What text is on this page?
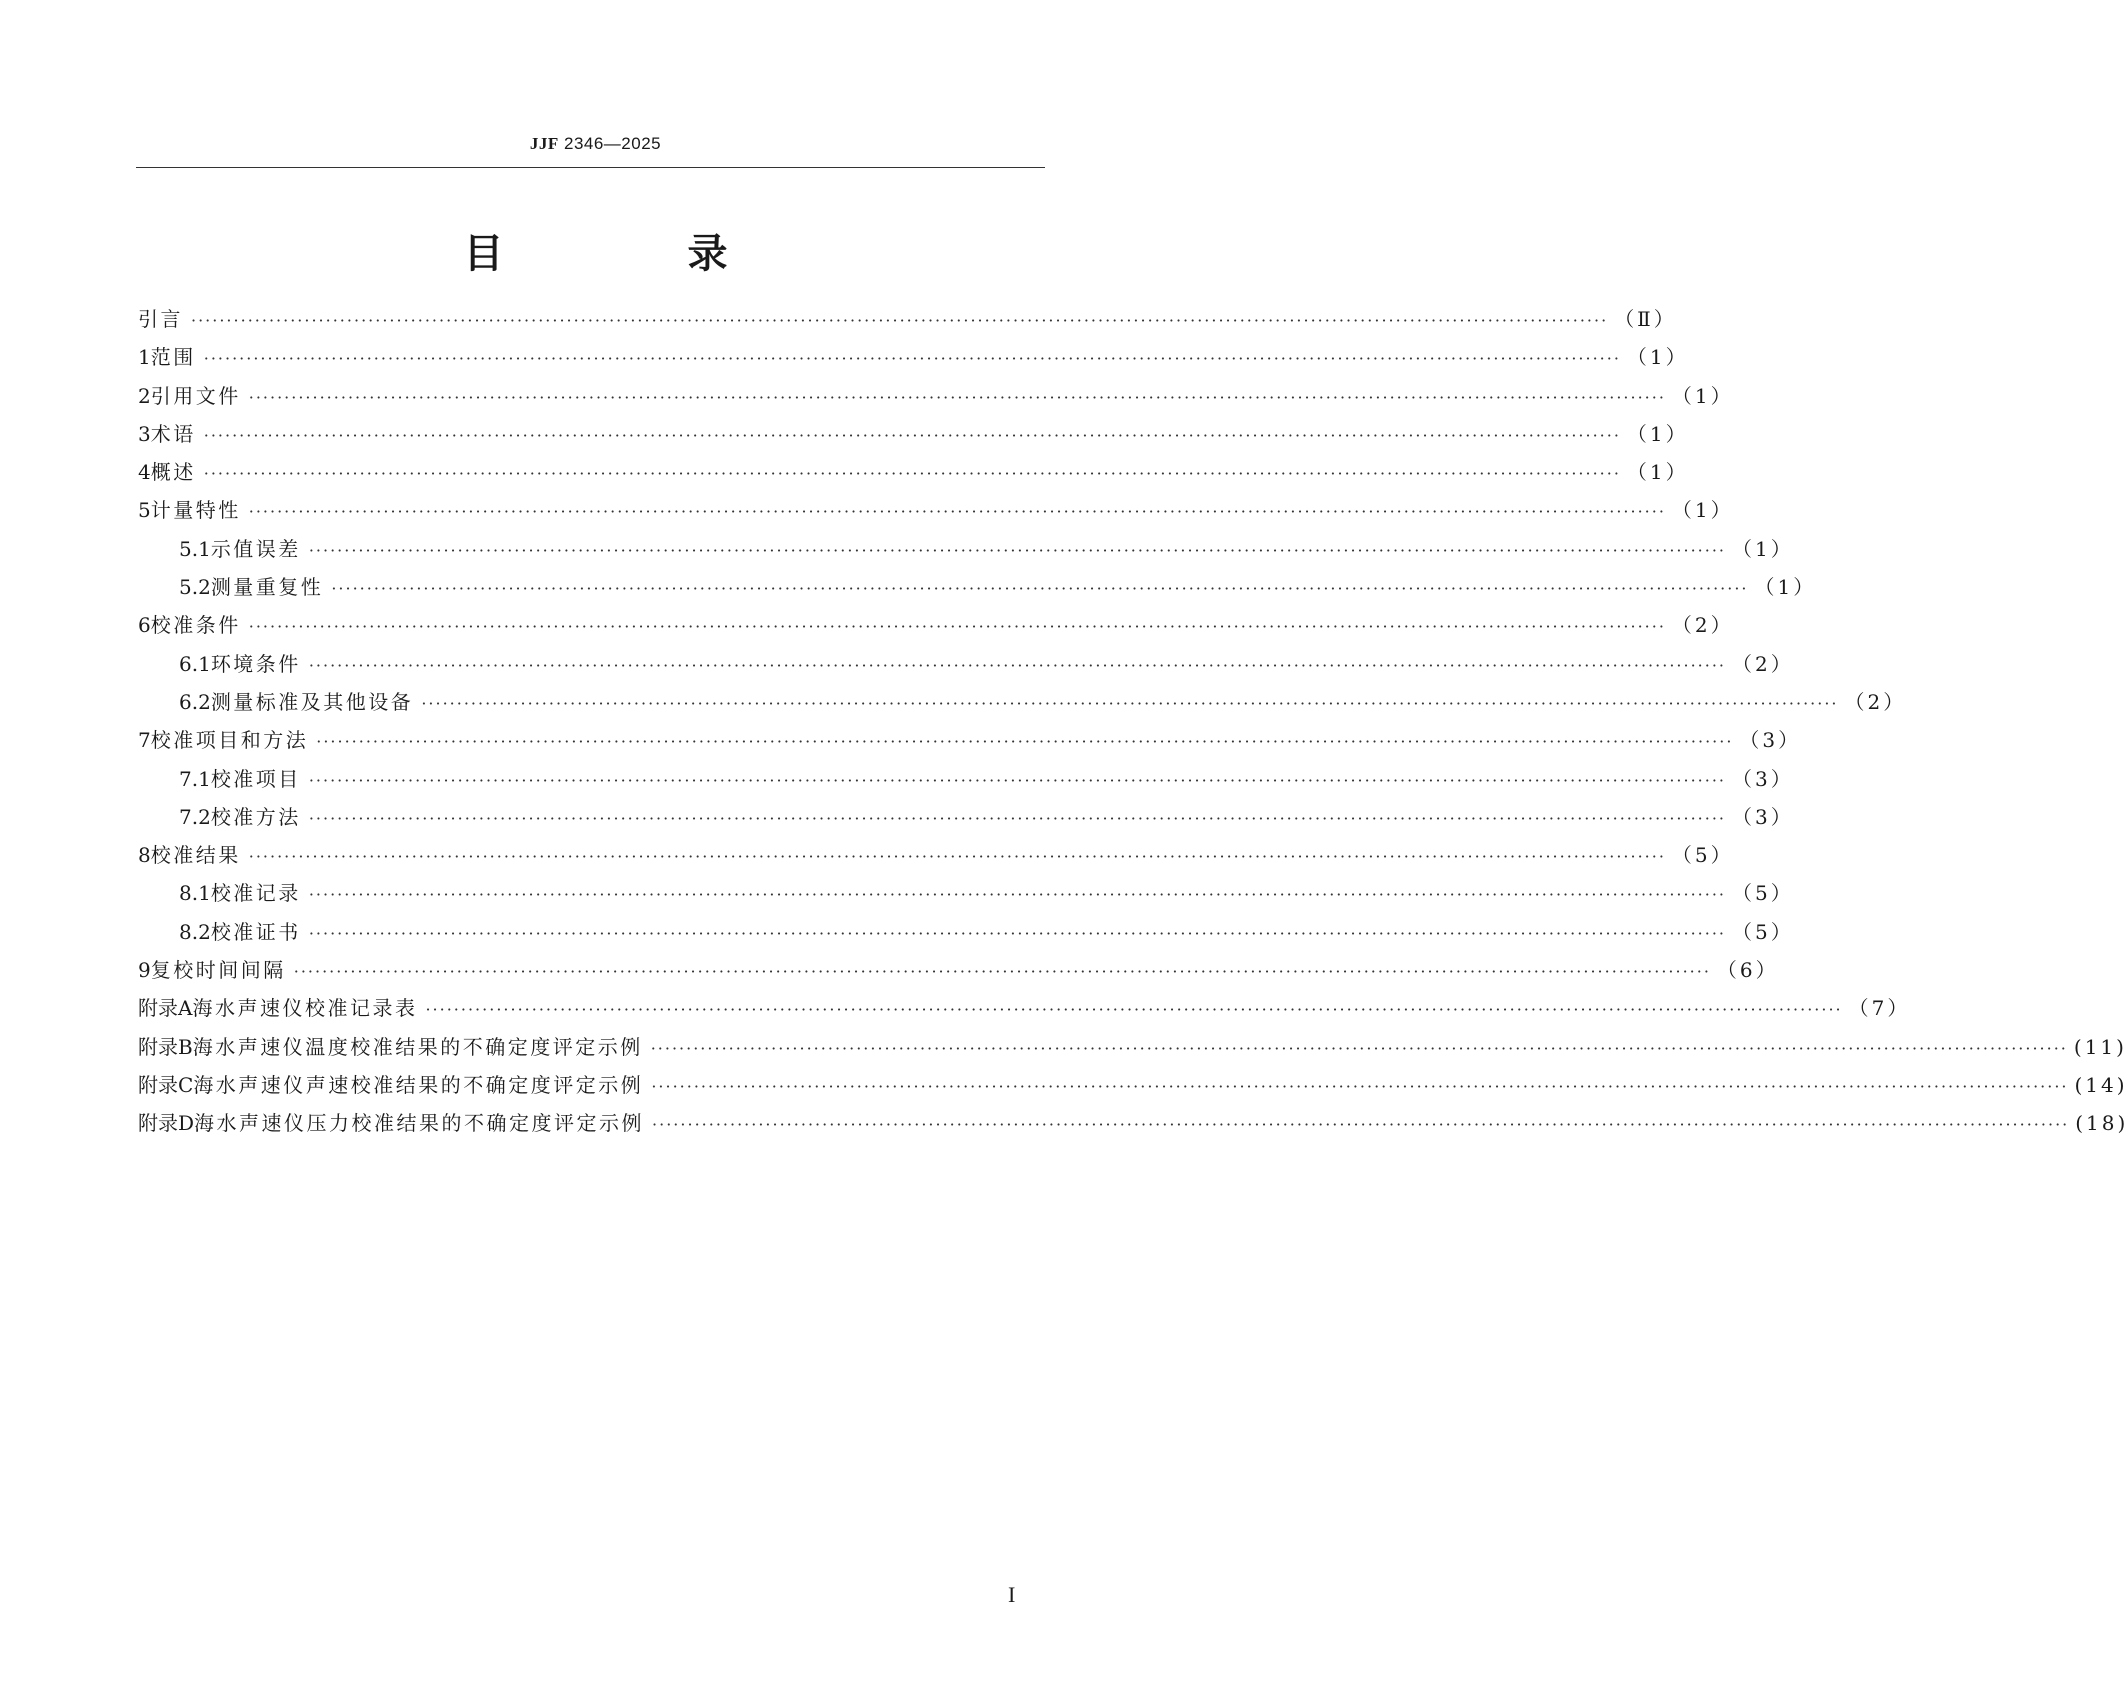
JJF 2346—2025
目　录
引言 ········································································································································································································ （Ⅱ）
1 范围 ········································································································································································································ （1）
2 引用文件 ········································································································································································································ （1）
3 术语 ········································································································································································································ （1）
4 概述 ········································································································································································································ （1）
5 计量特性 ········································································································································································································ （1）
5.1 示值误差 ········································································································································································································ （1）
5.2 测量重复性 ········································································································································································································ （1）
6 校准条件 ········································································································································································································ （2）
6.1 环境条件 ········································································································································································································ （2）
6.2 测量标准及其他设备 ········································································································································································································ （2）
7 校准项目和方法 ········································································································································································································ （3）
7.1 校准项目 ········································································································································································································ （3）
7.2 校准方法 ········································································································································································································ （3）
8 校准结果 ········································································································································································································ （5）
8.1 校准记录 ········································································································································································································ （5）
8.2 校准证书 ········································································································································································································ （5）
9 复校时间间隔 ········································································································································································································ （6）
附录A 海水声速仪校准记录表 ········································································································································································································ （7）
附录B 海水声速仪温度校准结果的不确定度评定示例 ········································································································································································································ (11)
附录C 海水声速仪声速校准结果的不确定度评定示例 ········································································································································································································ (14)
附录D 海水声速仪压力校准结果的不确定度评定示例 ········································································································································································································ (18)
I
